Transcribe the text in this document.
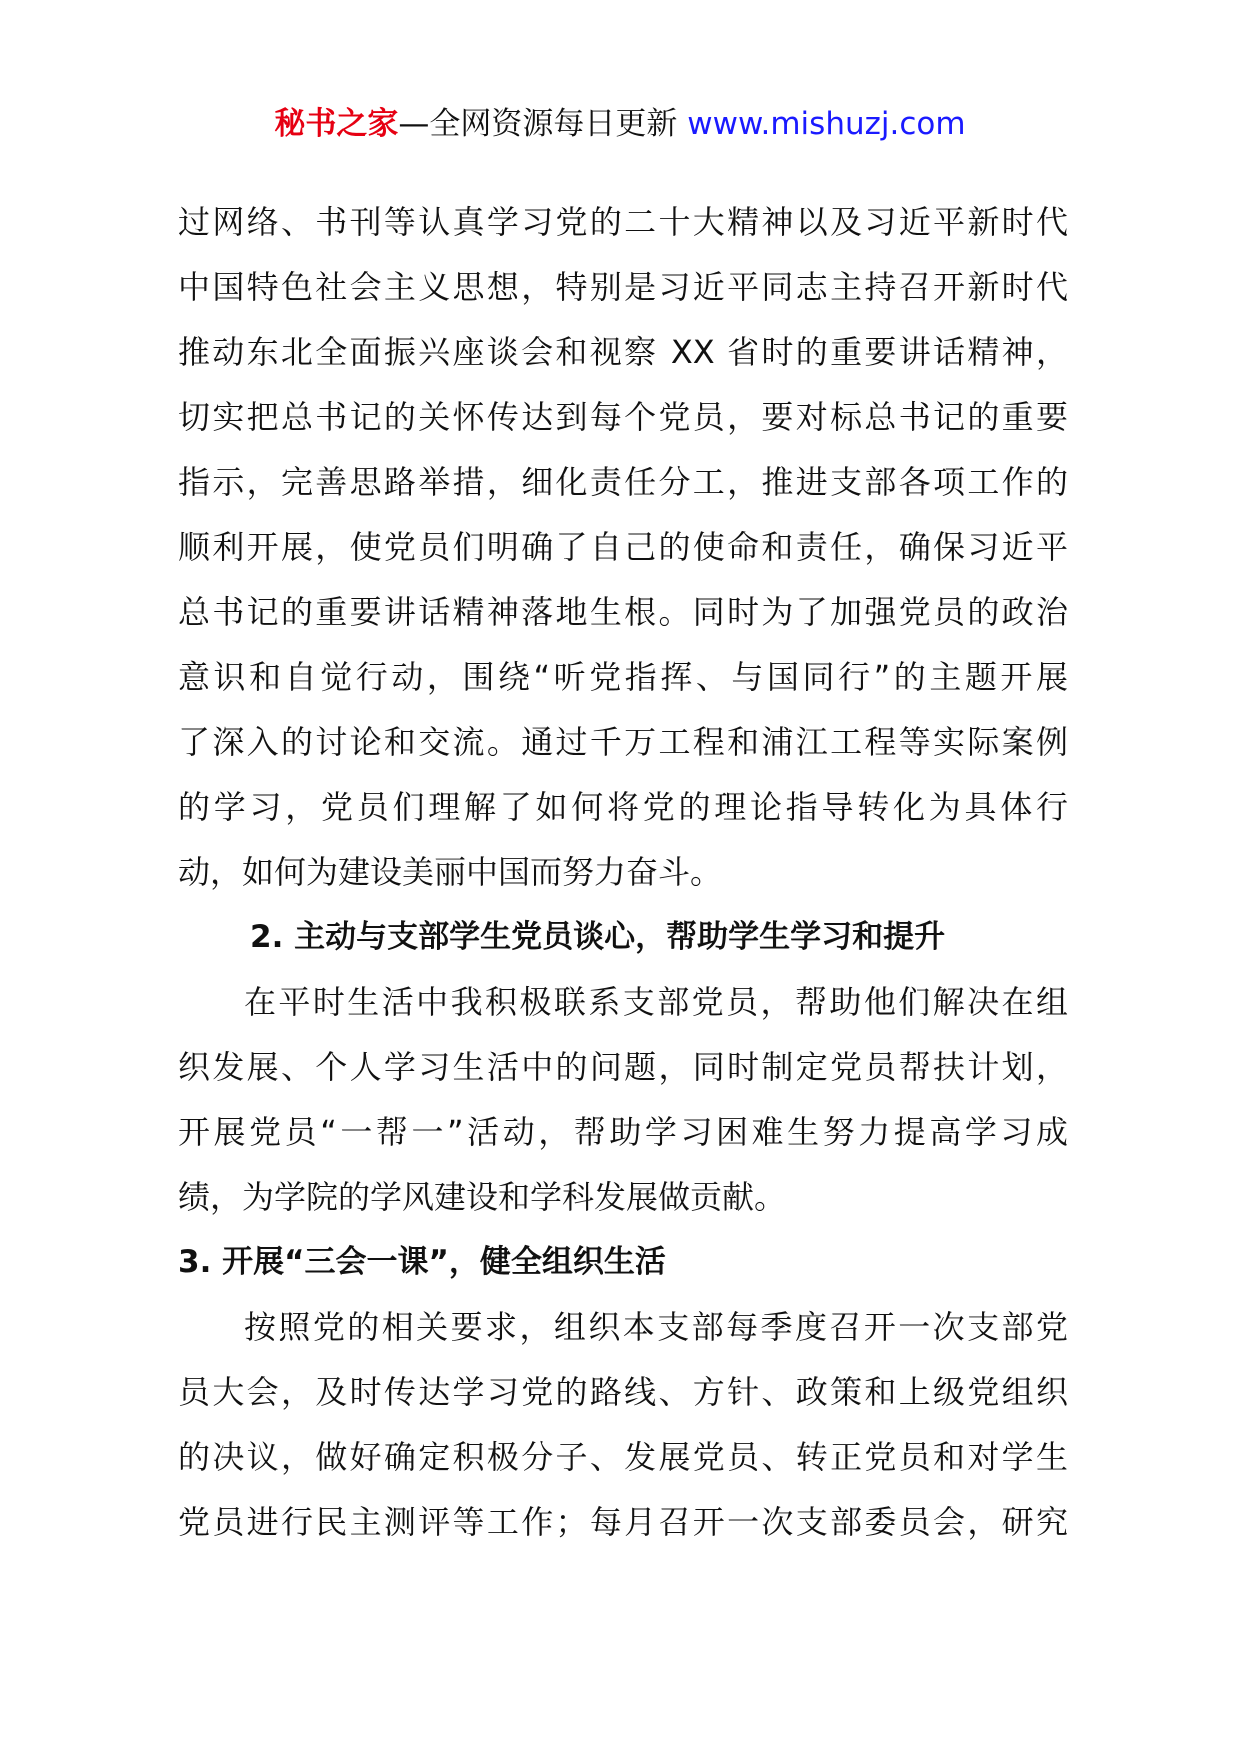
秘书之家—全网资源每日更新 www.mishuzj.com
过网络、书刊等认真学习党的二十大精神以及习近平新时代
中国特色社会主义思想，特别是习近平同志主持召开新时代
推动东北全面振兴座谈会和视察 XX 省时的重要讲话精神，
切实把总书记的关怀传达到每个党员，要对标总书记的重要
指示，完善思路举措，细化责任分工，推进支部各项工作的
顺利开展，使党员们明确了自己的使命和责任，确保习近平
总书记的重要讲话精神落地生根。同时为了加强党员的政治
意识和自觉行动，围绕“听党指挥、与国同行”的主题开展
了深入的讨论和交流。通过千万工程和浦江工程等实际案例
的学习，党员们理解了如何将党的理论指导转化为具体行
动，如何为建设美丽中国而努力奋斗。
2. 主动与支部学生党员谈心，帮助学生学习和提升
在平时生活中我积极联系支部党员，帮助他们解决在组
织发展、个人学习生活中的问题，同时制定党员帮扶计划，
开展党员“一帮一”活动，帮助学习困难生努力提高学习成
绩，为学院的学风建设和学科发展做贡献。
3. 开展“三会一课”，健全组织生活
按照党的相关要求，组织本支部每季度召开一次支部党
员大会，及时传达学习党的路线、方针、政策和上级党组织
的决议，做好确定积极分子、发展党员、转正党员和对学生
党员进行民主测评等工作；每月召开一次支部委员会，研究
